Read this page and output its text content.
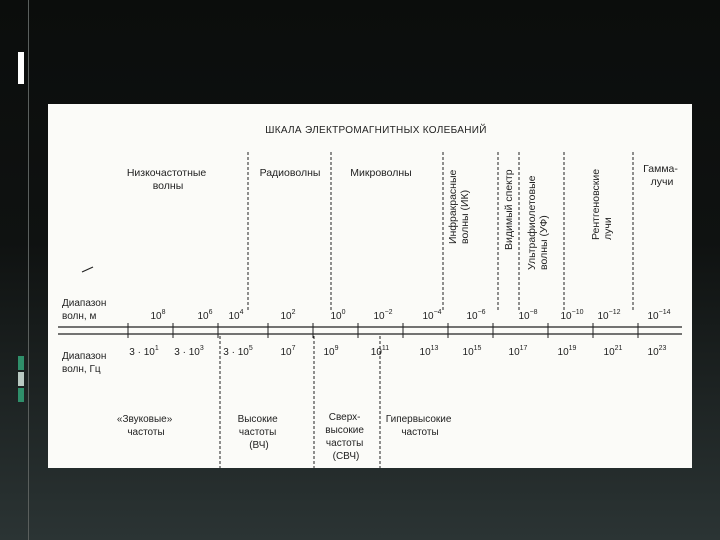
ШКАЛА ЭЛЕКТРОМАГНИТНЫХ КОЛЕБАНИЙ
Низкочастотные волны
Радиоволны	Микроволны	Инфракрасные волны (ИК)	Видимый спектр Ультрафиолетовые волны (УФ)
Рентгеновские лучи
Гамма- лучи
Диапазон волн, м
Диапазон волн, Гц
$10^8$	$10^6$ $10^4$	$10^2$	$10^0$	$10^{-2}$	$10^{-4}$ $10^{-6}$	$10^{-8}$ $10^{-10}$ $10^{-12}$	$10^{-14}$
$3 \cdot 10^1$ $3 \cdot 10^3$ $3 \cdot 10^5$	$10^7$	$10^9$	$10^{11}$	$10^{13}$ $10^{15}$	$10^{17}$	$10^{19}$	$10^{21}$	$10^{23}$
«Звуковые» частоты
Высокие частоты (ВЧ)
Сверх- высокие частоты (СВЧ)
Гипервысокие частоты
